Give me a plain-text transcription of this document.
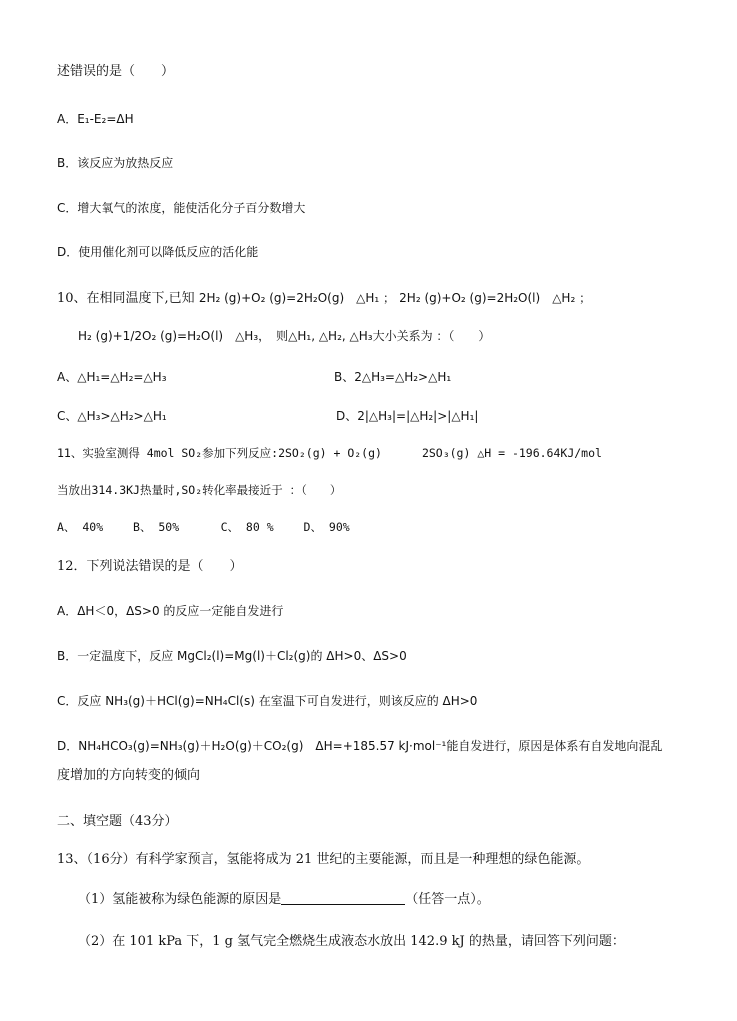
述错误的是（　　）
A．E₁-E₂=ΔH
B．该反应为放热反应
C．增大氧气的浓度，能使活化分子百分数增大
D．使用催化剂可以降低反应的活化能
10、在相同温度下,已知 2H₂ (g)+O₂ (g)=2H₂O(g)　△H₁ ； 2H₂ (g)+O₂ (g)=2H₂O(l)　△H₂ ；
H₂ (g)+1/2O₂ (g)=H₂O(l)　△H₃，　则△H₁, △H₂, △H₃大小关系为 ：（　　）
A、△H₁=△H₂=△H₃	B、2△H₃=△H₂>△H₁
C、△H₃>△H₂>△H₁	D、2|△H₃|=|△H₂|>|△H₁|
11、实验室测得 4mol SO₂参加下列反应:2SO₂(g) + O₂(g)	2SO₃(g) △H = -196.64KJ/mol
当放出314.3KJ热量时,SO₂转化率最接近于 ：（　　）
A、 40%　　 B、 50%　　　 C、 80 %　　 D、 90%
12．下列说法错误的是（　　）
A．ΔH＜0，ΔS>0 的反应一定能自发进行
B．一定温度下，反应 MgCl₂(l)=Mg(l)＋Cl₂(g)的 ΔH>0、ΔS>0
C．反应 NH₃(g)＋HCl(g)=NH₄Cl(s) 在室温下可自发进行，则该反应的 ΔH>0
D．NH₄HCO₃(g)=NH₃(g)＋H₂O(g)＋CO₂(g)　ΔH=+185.57 kJ·mol⁻¹能自发进行，原因是体系有自发地向混乱
度增加的方向转变的倾向
二、填空题（43分）
13、（16分）有科学家预言，氢能将成为 21 世纪的主要能源，而且是一种理想的绿色能源。
（1）氢能被称为绿色能源的原因是	（任答一点）。
（2）在 101 kPa 下，1 g 氢气完全燃烧生成液态水放出 142.9 kJ 的热量，请回答下列问题：
